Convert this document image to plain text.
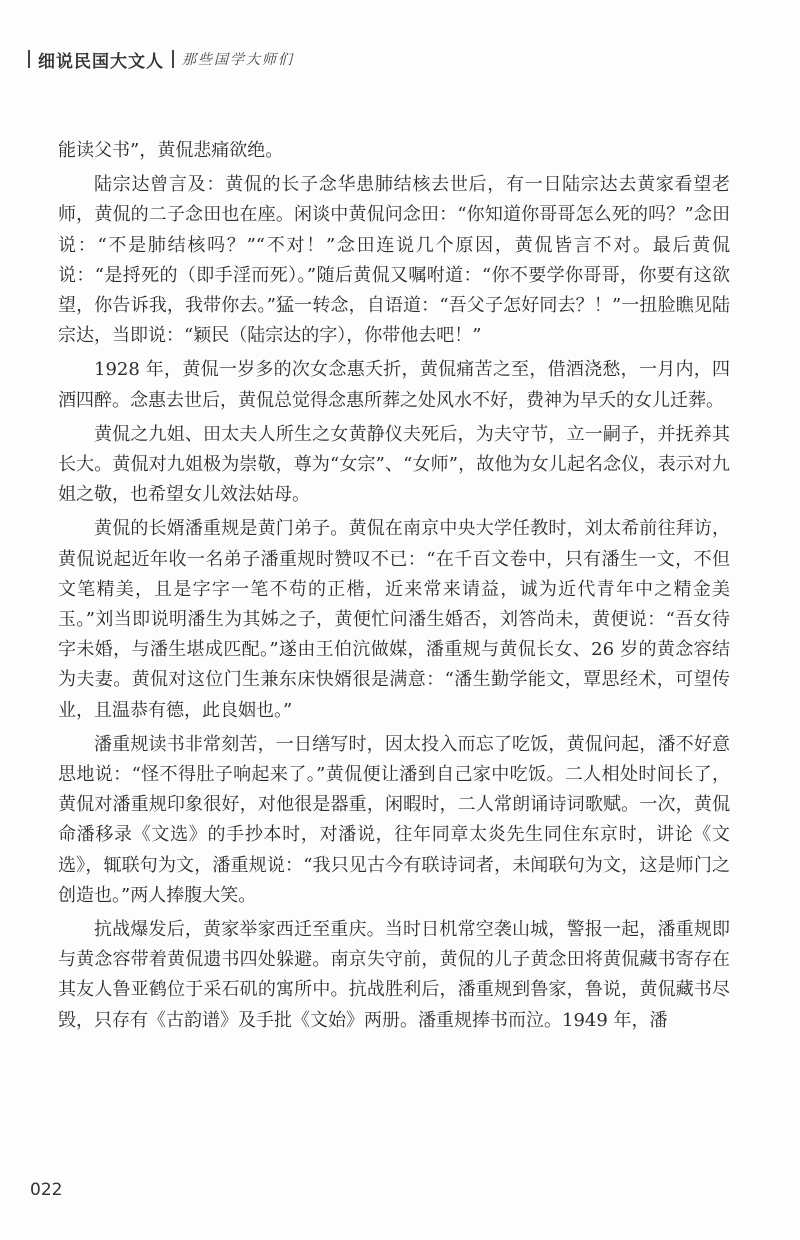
细说民国大文人 那些国学大师们

能读父书”，黄侃悲痛欲绝。

陆宗达曾言及：黄侃的长子念华患肺结核去世后，有一日陆宗达去黄家看望老师，黄侃的二子念田也在座。闲谈中黄侃问念田：“你知道你哥哥怎么死的吗？”念田说：“不是肺结核吗？”“不对！”念田连说几个原因，黄侃皆言不对。最后黄侃说：“是捋死的（即手淫而死）。”随后黄侃又嘱咐道：“你不要学你哥哥，你要有这欲望，你告诉我，我带你去。”猛一转念，自语道：“吾父子怎好同去？！”一扭脸瞧见陆宗达，当即说：“颖民（陆宗达的字），你带他去吧！”

1928 年，黄侃一岁多的次女念惠夭折，黄侃痛苦之至，借酒浇愁，一月内，四酒四醉。念惠去世后，黄侃总觉得念惠所葬之处风水不好，费神为早夭的女儿迁葬。

黄侃之九姐、田太夫人所生之女黄静仪夫死后，为夫守节，立一嗣子，并抚养其长大。黄侃对九姐极为崇敬，尊为“女宗”、“女师”，故他为女儿起名念仪，表示对九姐之敬，也希望女儿效法姑母。

黄侃的长婿潘重规是黄门弟子。黄侃在南京中央大学任教时，刘太希前往拜访，黄侃说起近年收一名弟子潘重规时赞叹不已：“在千百文卷中，只有潘生一文，不但文笔精美，且是字字一笔不苟的正楷，近来常来请益，诚为近代青年中之精金美玉。”刘当即说明潘生为其姊之子，黄便忙问潘生婚否，刘答尚未，黄便说：“吾女待字未婚，与潘生堪成匹配。”遂由王伯沆做媒，潘重规与黄侃长女、26 岁的黄念容结为夫妻。黄侃对这位门生兼东床快婿很是满意：“潘生勤学能文，覃思经术，可望传业，且温恭有德，此良姻也。”

潘重规读书非常刻苦，一日缮写时，因太投入而忘了吃饭，黄侃问起，潘不好意思地说：“怪不得肚子响起来了。”黄侃便让潘到自己家中吃饭。二人相处时间长了，黄侃对潘重规印象很好，对他很是器重，闲暇时，二人常朗诵诗词歌赋。一次，黄侃命潘移录《文选》的手抄本时，对潘说，往年同章太炎先生同住东京时，讲论《文选》，辄联句为文，潘重规说：“我只见古今有联诗词者，未闻联句为文，这是师门之创造也。”两人捧腹大笑。

抗战爆发后，黄家举家西迁至重庆。当时日机常空袭山城，警报一起，潘重规即与黄念容带着黄侃遗书四处躲避。南京失守前，黄侃的儿子黄念田将黄侃藏书寄存在其友人鲁亚鹤位于采石矶的寓所中。抗战胜利后，潘重规到鲁家，鲁说，黄侃藏书尽毁，只存有《古韵谱》及手批《文始》两册。潘重规捧书而泣。1949 年，潘

022
